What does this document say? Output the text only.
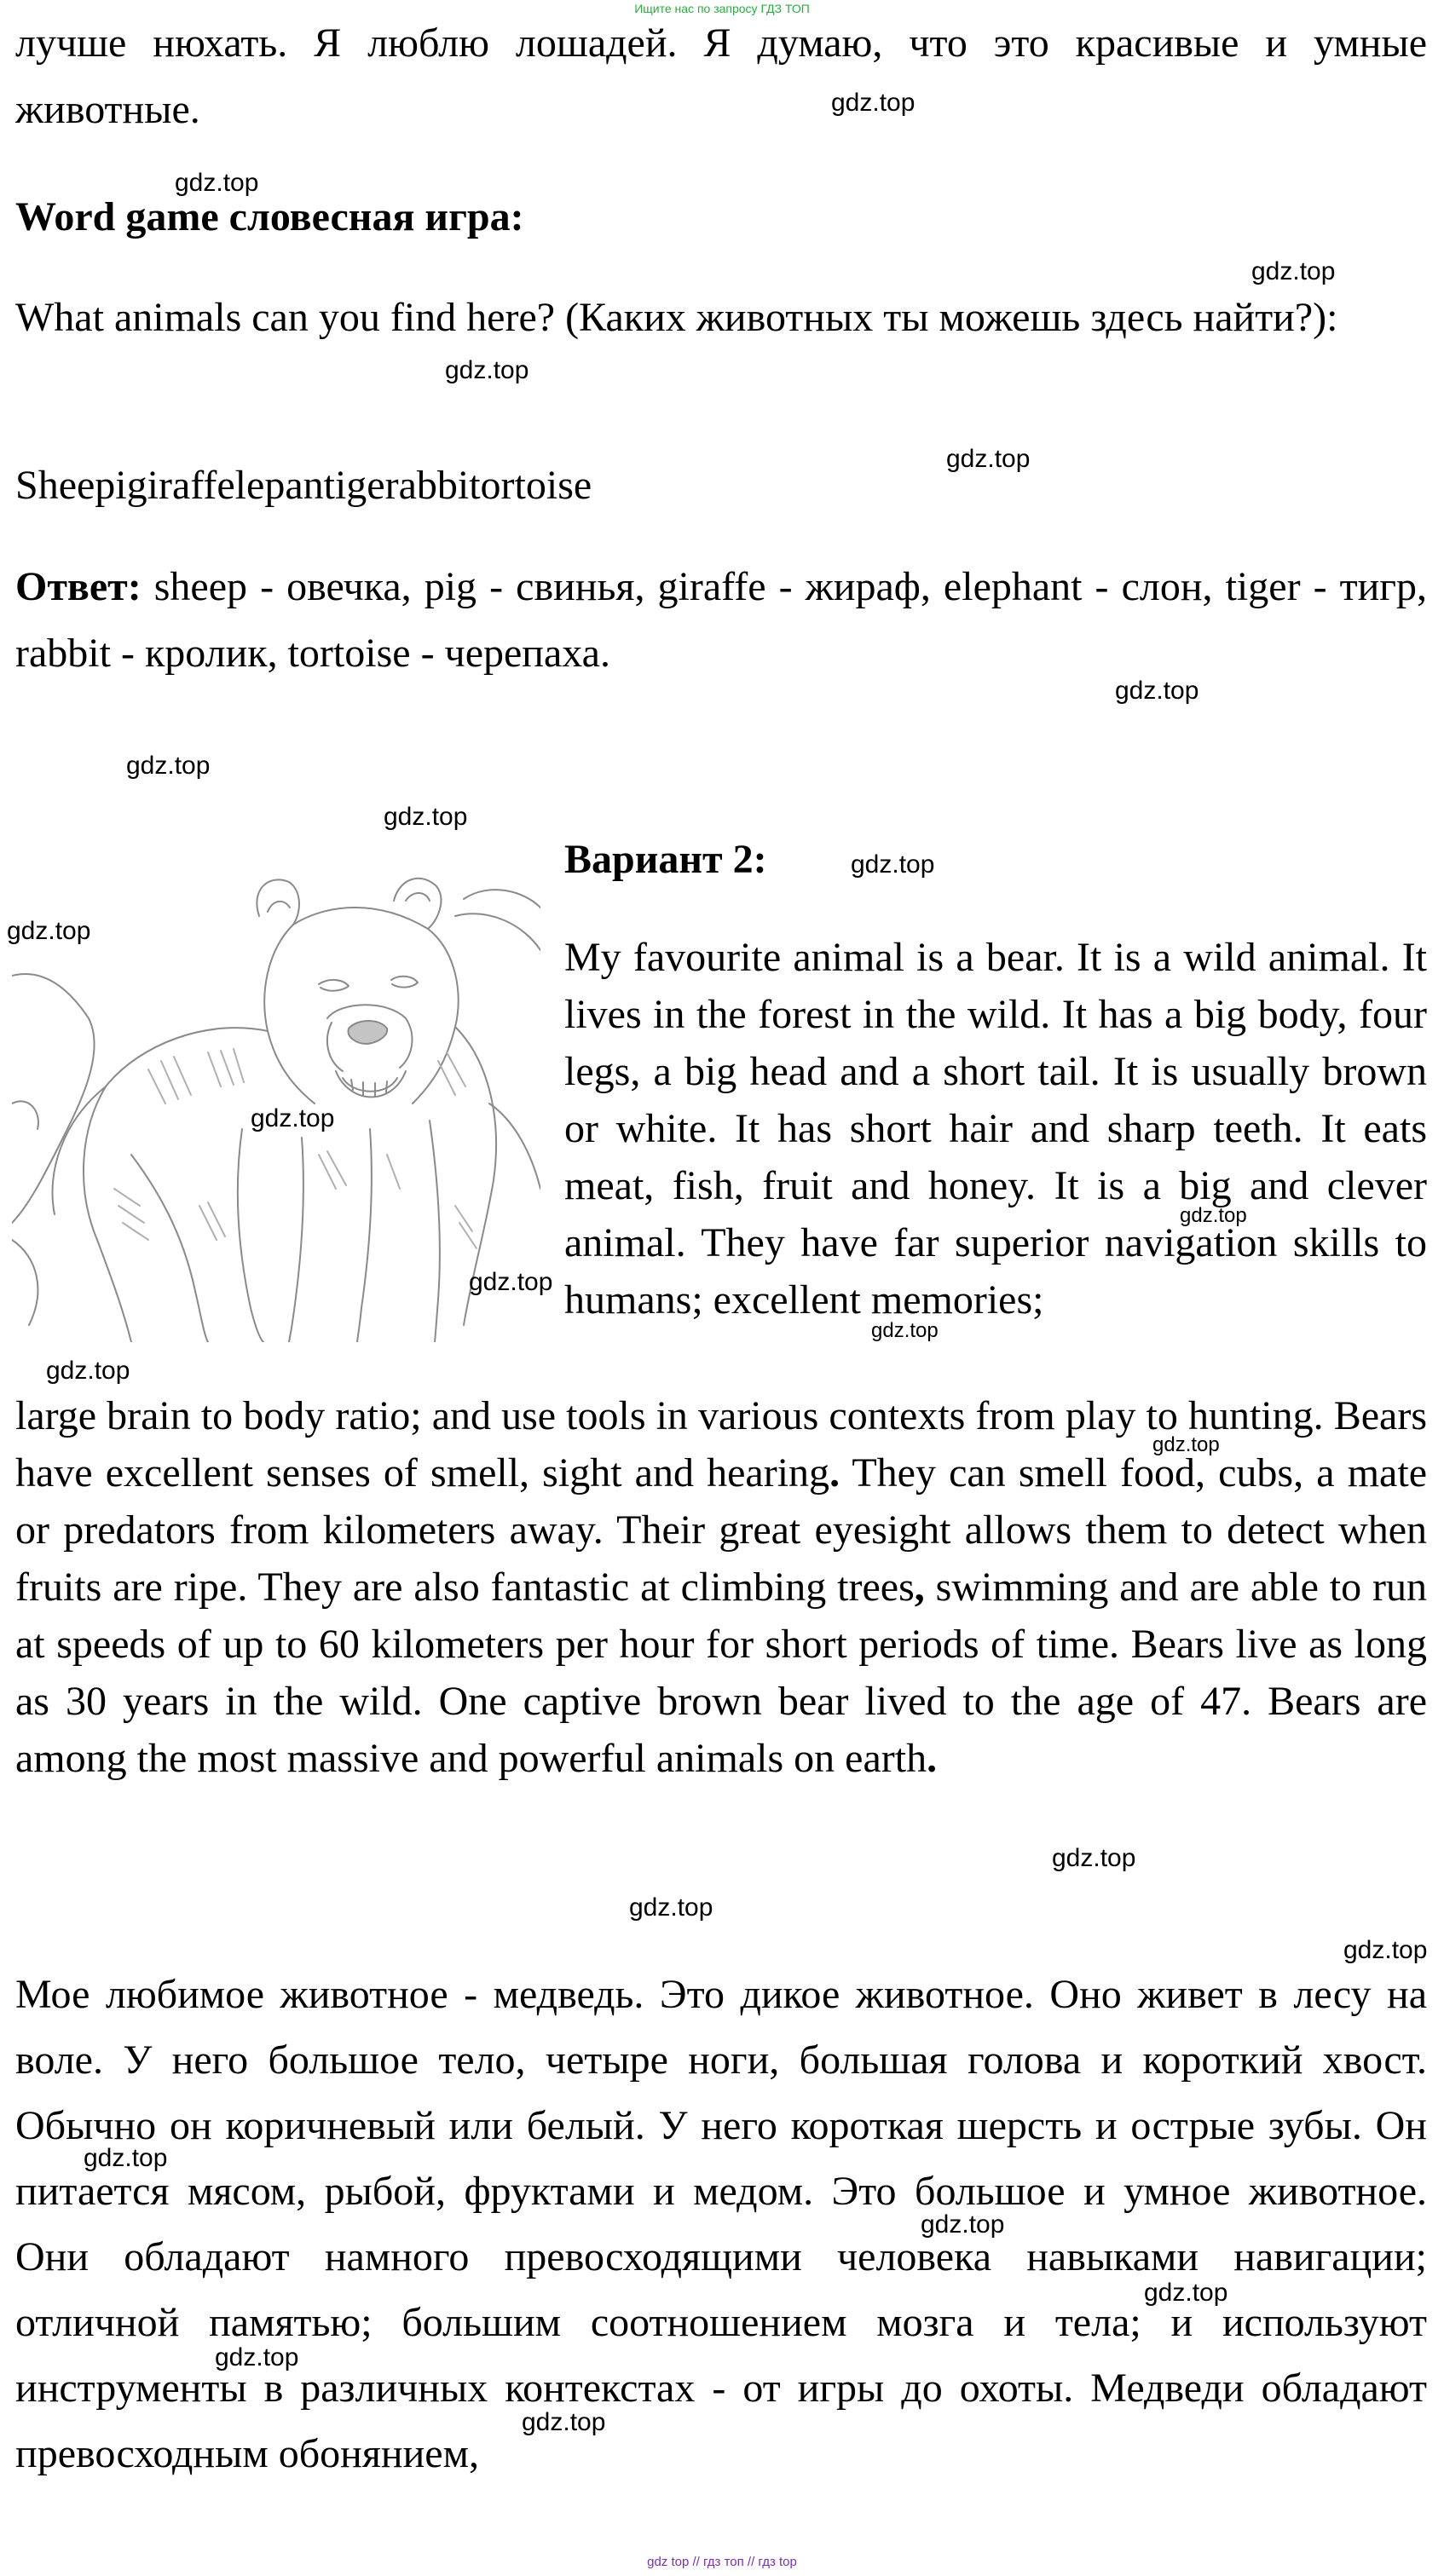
Ищите нас по запросу ГДЗ ТОП

лучше нюхать. Я люблю лошадей. Я думаю, что это красивые и умные животные.

Word game словесная игра:

What animals can you find here? (Каких животных ты можешь здесь найти?):

Sheepigiraffelepantigerabbitortoise

Ответ: sheep - овечка, pig - свинья, giraffe - жираф, elephant - слон, tiger - тигр, rabbit - кролик, tortoise - черепаха.

Вариант 2:

My favourite animal is a bear. It is a wild animal. It lives in the forest in the wild. It has a big body, four legs, a big head and a short tail. It is usually brown or white. It has short hair and sharp teeth. It eats meat, fish, fruit and honey. It is a big and clever animal. They have far superior navigation skills to humans; excellent memories;

large brain to body ratio; and use tools in various contexts from play to hunting. Bears have excellent senses of smell, sight and hearing. They can smell food, cubs, a mate or predators from kilometers away. Their great eyesight allows them to detect when fruits are ripe. They are also fantastic at climbing trees, swimming and are able to run at speeds of up to 60 kilometers per hour for short periods of time. Bears live as long as 30 years in the wild. One captive brown bear lived to the age of 47. Bears are among the most massive and powerful animals on earth.

Мое любимое животное - медведь. Это дикое животное. Оно живет в лесу на воле. У него большое тело, четыре ноги, большая голова и короткий хвост. Обычно он коричневый или белый. У него короткая шерсть и острые зубы. Он питается мясом, рыбой, фруктами и медом. Это большое и умное животное. Они обладают намного превосходящими человека навыками навигации; отличной памятью; большим соотношением мозга и тела; и используют инструменты в различных контекстах - от игры до охоты. Медведи обладают превосходным обонянием,

gdz.top
gdz.top
gdz.top
gdz.top
gdz.top
gdz.top
gdz.top
gdz.top
gdz.top
gdz.top
gdz.top
gdz.top
gdz.top
gdz.top
gdz.top
gdz.top
gdz.top
gdz.top
gdz.top
gdz.top
gdz.top
gdz.top
gdz.top
gdz.top
gdz top // гдз топ // гдз top
